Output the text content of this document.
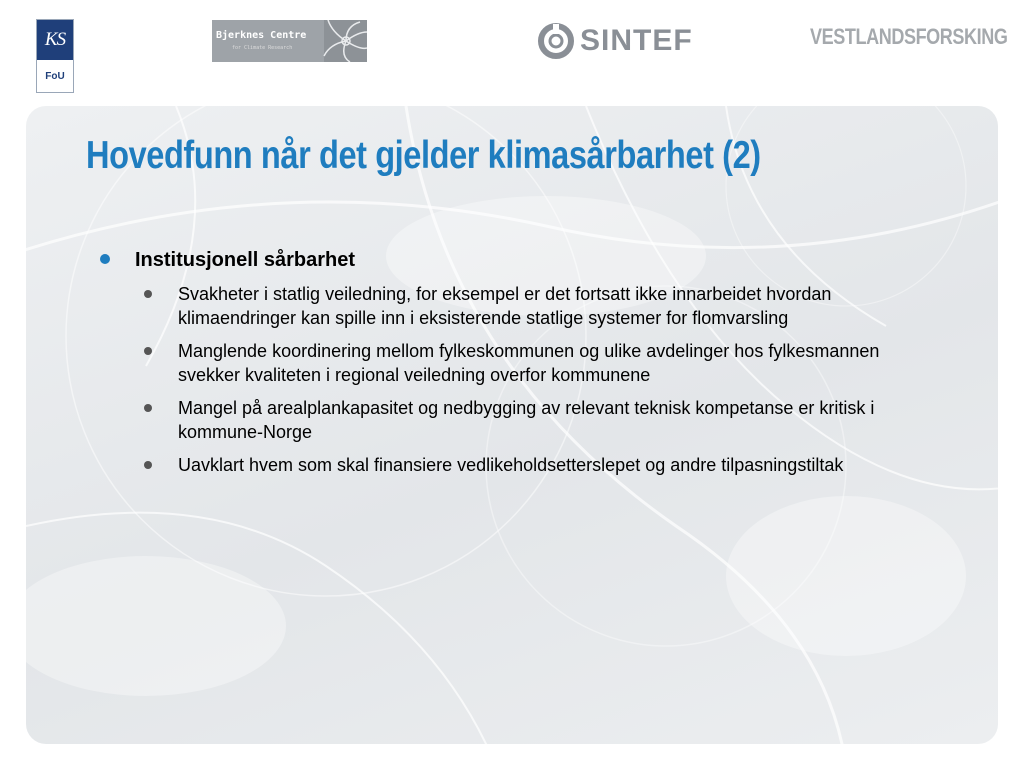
KS
FoU
Bjerknes Centre
for Climate Research	SINTEF	VESTLANDSFORSKING
Hovedfunn når det gjelder klimasårbarhet (2)
Institusjonell sårbarhet
Svakheter i statlig veiledning, for eksempel er det fortsatt ikke innarbeidet hvordan klimaendringer kan spille inn i eksisterende statlige systemer for flomvarsling
Manglende koordinering mellom fylkeskommunen og ulike avdelinger hos fylkesmannen svekker kvaliteten i regional veiledning overfor kommunene
Mangel på arealplankapasitet og nedbygging av relevant teknisk kompetanse er kritisk i kommune-Norge
Uavklart hvem som skal finansiere vedlikeholdsetterslepet og andre tilpasningstiltak
